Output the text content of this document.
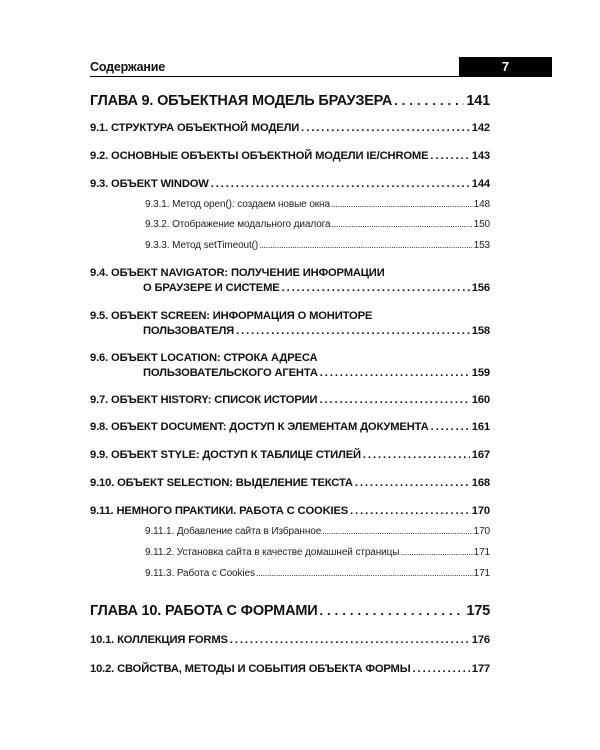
Содержание	7
ГЛАВА 9. ОБЪЕКТНАЯ МОДЕЛЬ БРАУЗЕРА . . .	141
9.1. СТРУКТУРА ОБЪЕКТНОЙ МОДЕЛИ . . .	142
9.2. ОСНОВНЫЕ ОБЪЕКТЫ ОБЪЕКТНОЙ МОДЕЛИ IE/CHROME . . .	143
9.3. ОБЪЕКТ WINDOW . . .	144
9.3.1. Метод open(): создаем новые окна . . .	148
9.3.2. Отображение модального диалога . . .	150
9.3.3. Метод setTimeout() . . .	153
9.4. ОБЪЕКТ NAVIGATOR: ПОЛУЧЕНИЕ ИНФОРМАЦИИ
О БРАУЗЕРЕ И СИСТЕМЕ . . .	156
9.5. ОБЪЕКТ SCREEN: ИНФОРМАЦИЯ О МОНИТОРЕ
ПОЛЬЗОВАТЕЛЯ . . .	158
9.6. ОБЪЕКТ LOCATION: СТРОКА АДРЕСА
ПОЛЬЗОВАТЕЛЬСКОГО АГЕНТА . . .	159
9.7. ОБЪЕКТ HISTORY: СПИСОК ИСТОРИИ . . .	160
9.8. ОБЪЕКТ DOCUMENT: ДОСТУП К ЭЛЕМЕНТАМ ДОКУМЕНТА . . .	161
9.9. ОБЪЕКТ STYLE: ДОСТУП К ТАБЛИЦЕ СТИЛЕЙ . . .	167
9.10. ОБЪЕКТ SELECTION: ВЫДЕЛЕНИЕ ТЕКСТА . . .	168
9.11. НЕМНОГО ПРАКТИКИ. РАБОТА С COOKIES . . .	170
9.11.1. Добавление сайта в Избранное . . .	170
9.11.2. Установка сайта в качестве домашней страницы . . .	171
9.11.3. Работа с Cookies . . .	171
ГЛАВА 10. РАБОТА С ФОРМАМИ . . .	175
10.1. КОЛЛЕКЦИЯ FORMS . . .	176
10.2. СВОЙСТВА, МЕТОДЫ И СОБЫТИЯ ОБЪЕКТА ФОРМЫ . . .	177
